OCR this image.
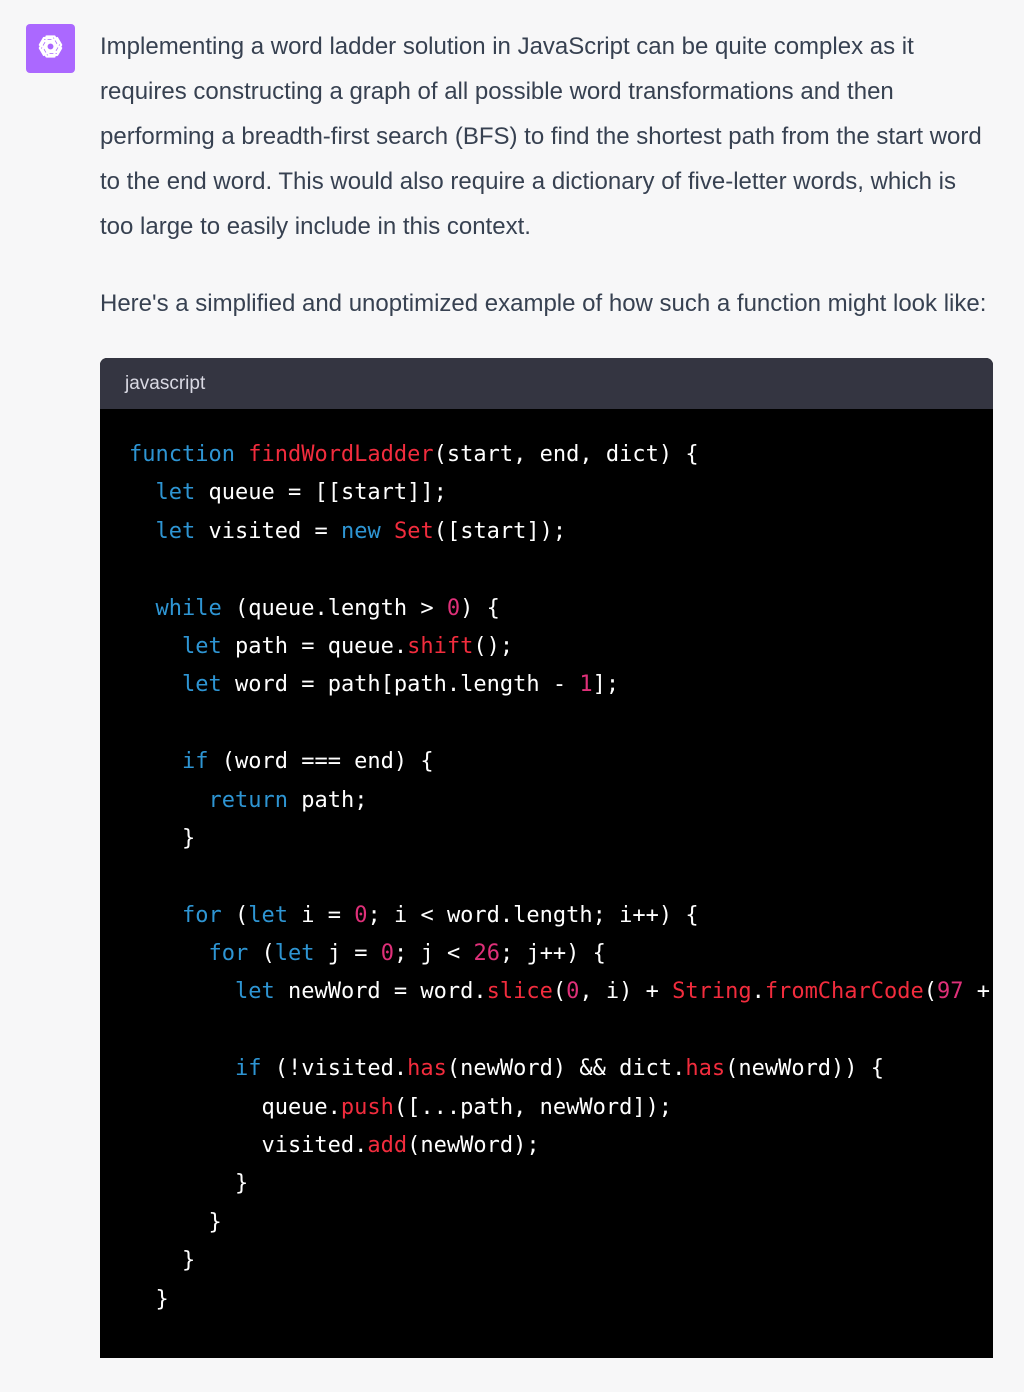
Implementing a word ladder solution in JavaScript can be quite complex as it requires constructing a graph of all possible word transformations and then performing a breadth-first search (BFS) to find the shortest path from the start word to the end word. This would also require a dictionary of five-letter words, which is too large to easily include in this context.

Here's a simplified and unoptimized example of how such a function might look like:

javascript
function findWordLadder(start, end, dict) {
let queue = [[start]];
let visited = new Set([start]);
while (queue.length > 0) {
let path = queue.shift();
let word = path[path.length - 1];
if (word === end) {
return path;
}
for (let i = 0; i < word.length; i++) {
for (let j = 0; j < 26; j++) {
let newWord = word.slice(0, i) + String.fromCharCode(97 +
if (!visited.has(newWord) && dict.has(newWord)) {
queue.push([...path, newWord]);
visited.add(newWord);
}
}
}
}
